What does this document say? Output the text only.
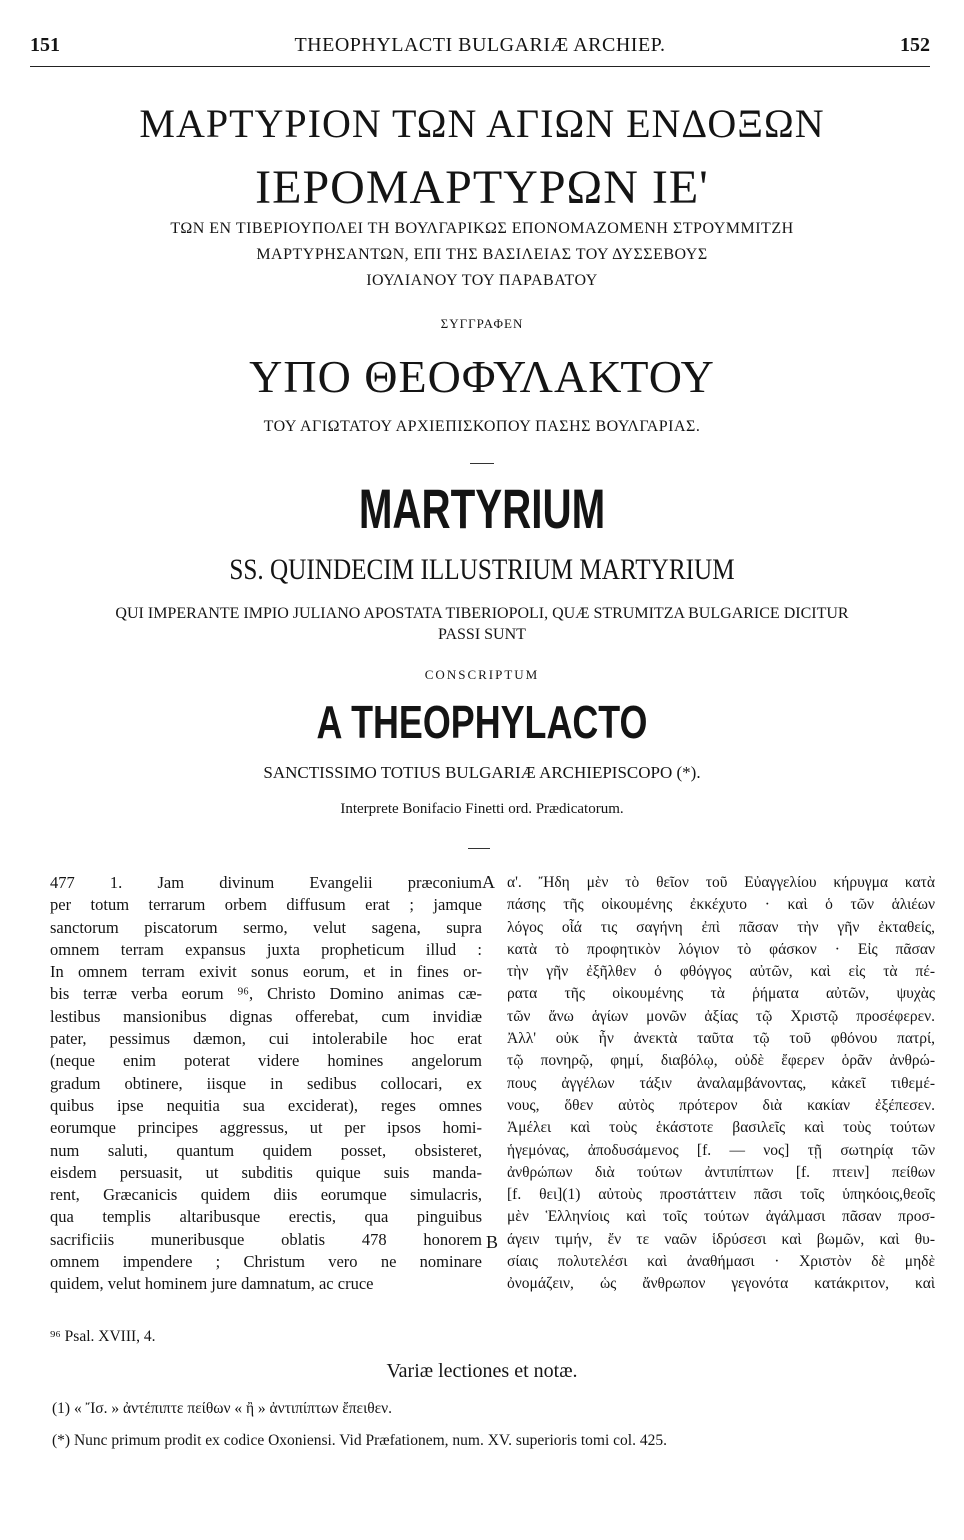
THEOPHYLACTI BULGARIÆ ARCHIEP.
151	152
ΜΑΡΤΥΡΙΟΝ ΤΩΝ ΑΓΙΩΝ ΕΝΔΟΞΩΝ
ΙΕΡΟΜΑΡΤΥΡΩΝ ΙΕ'
ΤΩΝ ΕΝ ΤΙΒΕΡΙΟΥΠΟΛΕΙ ΤΗ ΒΟΥΛΓΑΡΙΚΩΣ ΕΠΟΝΟΜΑΖΟΜΕΝΗ ΣΤΡΟΥΜΜΙΤΖΗ
ΜΑΡΤΥΡΗΣΑΝΤΩΝ, ΕΠΙ ΤΗΣ ΒΑΣΙΛΕΙΑΣ ΤΟΥ ΔΥΣΣΕΒΟΥΣ
ΙΟΥΛΙΑΝΟΥ ΤΟΥ ΠΑΡΑΒΑΤΟΥ
ΣΥΓΓΡΑΦΕΝ
ΥΠΟ ΘΕΟΦΥΛΑΚΤΟΥ
ΤΟΥ ΑΓΙΩΤΑΤΟΥ ΑΡΧΙΕΠΙΣΚΟΠΟΥ ΠΑΣΗΣ ΒΟΥΛΓΑΡΙΑΣ.
MARTYRIUM
SS. QUINDECIM ILLUSTRIUM MARTYRIUM
QUI IMPERANTE IMPIO JULIANO APOSTATA TIBERIOPOLI, QUÆ STRUMITZA BULGARICE DICITUR
PASSI SUNT
CONSCRIPTUM
A THEOPHYLACTO
SANCTISSIMO TOTIUS BULGARIÆ ARCHIEPISCOPO (*).
Interprete Bonifacio Finetti ord. Prædicatorum.
477 1. Jam divinum Evangelii præconium
per totum terrarum orbem diffusum erat ; jamque
sanctorum piscatorum sermo, velut sagena, supra
omnem terram expansus juxta propheticum illud :
In omnem terram exivit sonus eorum, et in fines or-
bis terræ verba eorum ⁹⁶, Christo Domino animas cæ-
lestibus mansionibus dignas offerebat, cum invidiæ
pater, pessimus dæmon, cui intolerabile hoc erat
(neque enim poterat videre homines angelorum
gradum obtinere, iisque in sedibus collocari, ex
quibus ipse nequitia sua exciderat), reges omnes
eorumque principes aggressus, ut per ipsos homi-
num saluti, quantum quidem posset, obsisteret,
eisdem persuasit, ut subditis quique suis manda-
rent, Græcanicis quidem diis eorumque simulacris,
qua templis altaribusque erectis, qua pinguibus
sacrificiis muneribusque oblatis 478 honorem
omnem impendere ; Christum vero ne nominare
quidem, velut hominem jure damnatum, ac cruce
A
B
α'. Ἤδη μὲν τὸ θεῖον τοῦ Εὐαγγελίου κήρυγμα κατὰ
πάσης τῆς οἰκουμένης ἐκκέχυτο · καὶ ὁ τῶν ἁλιέων
λόγος οἷά τις σαγήνη ἐπὶ πᾶσαν τὴν γῆν ἐκταθείς,
κατὰ τὸ προφητικὸν λόγιον τὸ φάσκον · Εἰς πᾶσαν
τὴν γῆν ἐξῆλθεν ὁ φθόγγος αὐτῶν, καὶ εἰς τὰ πέ-
ρατα τῆς οἰκουμένης τὰ ῥήματα αὐτῶν, ψυχὰς
τῶν ἄνω ἁγίων μονῶν ἀξίας τῷ Χριστῷ προσέφερεν.
Ἀλλ' οὐκ ἦν ἀνεκτὰ ταῦτα τῷ τοῦ φθόνου πατρί,
τῷ πονηρῷ, φημί, διαβόλῳ, οὐδὲ ἔφερεν ὁρᾶν ἀνθρώ-
πους ἀγγέλων τάξιν ἀναλαμβάνοντας, κἀκεῖ τιθεμέ-
νους, ὅθεν αὐτὸς πρότερον διὰ κακίαν ἐξέπεσεν.
Ἀμέλει καὶ τοὺς ἑκάστοτε βασιλεῖς καὶ τοὺς τούτων
ἡγεμόνας, ἀποδυσάμενος [f. — νος] τῇ σωτηρίᾳ τῶν
ἀνθρώπων διὰ τούτων ἀντιπίπτων [f. πτειν] πείθων
[f. θει](1) αὐτοὺς προστάττειν πᾶσι τοῖς ὑπηκόοις,θεοῖς
μὲν Ἑλληνίοις καὶ τοῖς τούτων ἀγάλμασι πᾶσαν προσ-
άγειν τιμήν, ἔν τε ναῶν ἱδρύσεσι καὶ βωμῶν, καὶ θυ-
σίαις πολυτελέσι καὶ ἀναθήμασι · Χριστὸν δὲ μηδὲ
ὀνομάζειν, ὡς ἄνθρωπον γεγονότα κατάκριτον, καὶ
⁹⁶ Psal. XVIII, 4.
Variæ lectiones et notæ.
(1) « Ἴσ. » ἀντέπιπτε πείθων « ἢ » ἀντιπίπτων ἔπειθεν.
(*) Nunc primum prodit ex codice Oxoniensi. Vid Præfationem, num. XV. superioris tomi col. 425.
